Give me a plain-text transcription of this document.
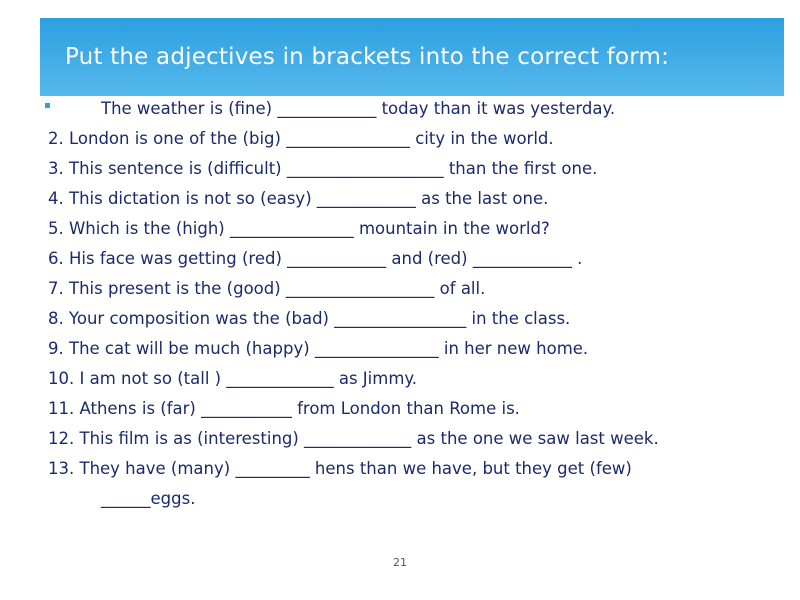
Put the adjectives in brackets into the correct form:
▪	The weather is (fine) ____________ today than it was yesterday.
2. London is one of the (big) _______________ city in the world.
3. This sentence is (difficult) ___________________ than the first one.
4. This dictation is not so (easy) ____________ as the last one.
5. Which is the (high) _______________ mountain in the world?
6. His face was getting (red) ____________ and (red) ____________ .
7. This present is the (good) __________________ of all.
8. Your composition was the (bad) ________________ in the class.
9. The cat will be much (happy) _______________ in her new home.
10. I am not so (tall ) _____________ as Jimmy.
11. Athens is (far) ___________ from London than Rome is.
12. This film is as (interesting) _____________ as the one we saw last week.
13. They have (many) _________ hens than we have, but they get (few)
______eggs.
21
